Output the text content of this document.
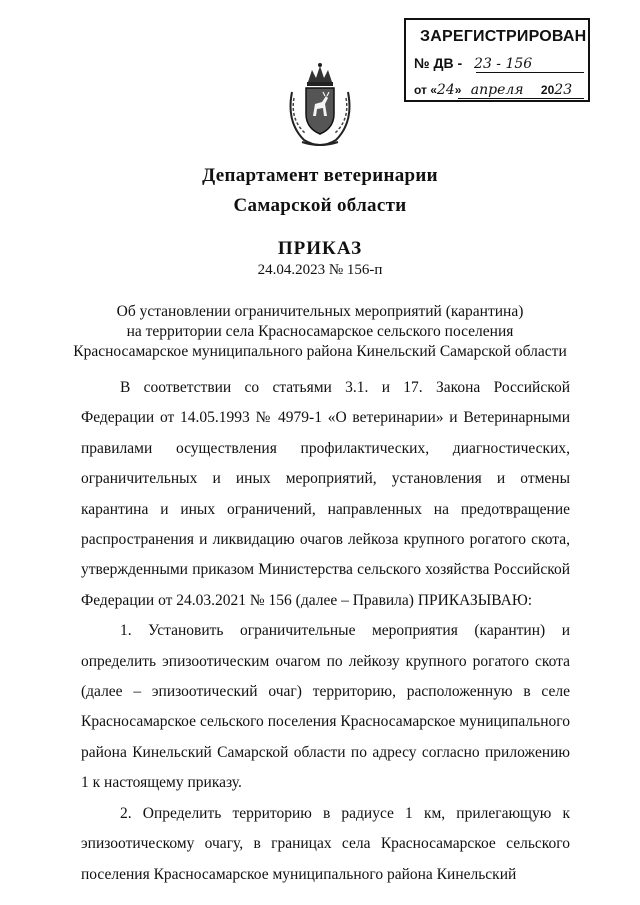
ЗАРЕГИСТРИРОВАН
№ ДВ - 23 - 156
от «24» апреля 2023
Департамент ветеринарии
Самарской области
ПРИКАЗ
24.04.2023 № 156-п
Об установлении ограничительных мероприятий (карантина)
на территории села Красносамарское сельского поселения
Красносамарское муниципального района Кинельский Самарской области

В соответствии со статьями 3.1. и 17. Закона Российской Федерации от 14.05.1993 № 4979-1 «О ветеринарии» и Ветеринарными правилами осуществления профилактических, диагностических, ограничительных и иных мероприятий, установления и отмены карантина и иных ограничений, направленных на предотвращение распространения и ликвидацию очагов лейкоза крупного рогатого скота, утвержденными приказом Министерства сельского хозяйства Российской Федерации от 24.03.2021 № 156 (далее – Правила) ПРИКАЗЫВАЮ:

1. Установить ограничительные мероприятия (карантин) и определить эпизоотическим очагом по лейкозу крупного рогатого скота (далее – эпизоотический очаг) территорию, расположенную в селе Красносамарское сельского поселения Красносамарское муниципального района Кинельский Самарской области по адресу согласно приложению 1 к настоящему приказу.

2. Определить территорию в радиусе 1 км, прилегающую к эпизоотическому очагу, в границах села Красносамарское сельского поселения Красносамарское муниципального района Кинельский
